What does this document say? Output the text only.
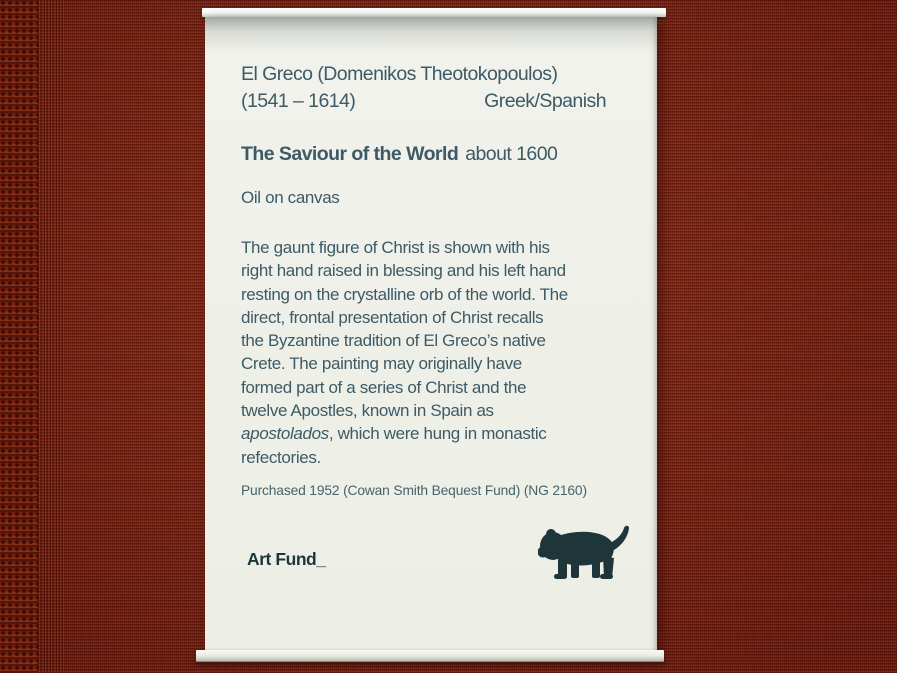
El Greco (Domenikos Theotokopoulos)
(1541 – 1614)	Greek/Spanish
The Saviour of the World about 1600
Oil on canvas
The gaunt figure of Christ is shown with his
right hand raised in blessing and his left hand
resting on the crystalline orb of the world. The
direct, frontal presentation of Christ recalls
the Byzantine tradition of El Greco’s native
Crete. The painting may originally have
formed part of a series of Christ and the
twelve Apostles, known in Spain as
apostolados, which were hung in monastic
refectories.
Purchased 1952 (Cowan Smith Bequest Fund) (NG 2160)
Art Fund_
